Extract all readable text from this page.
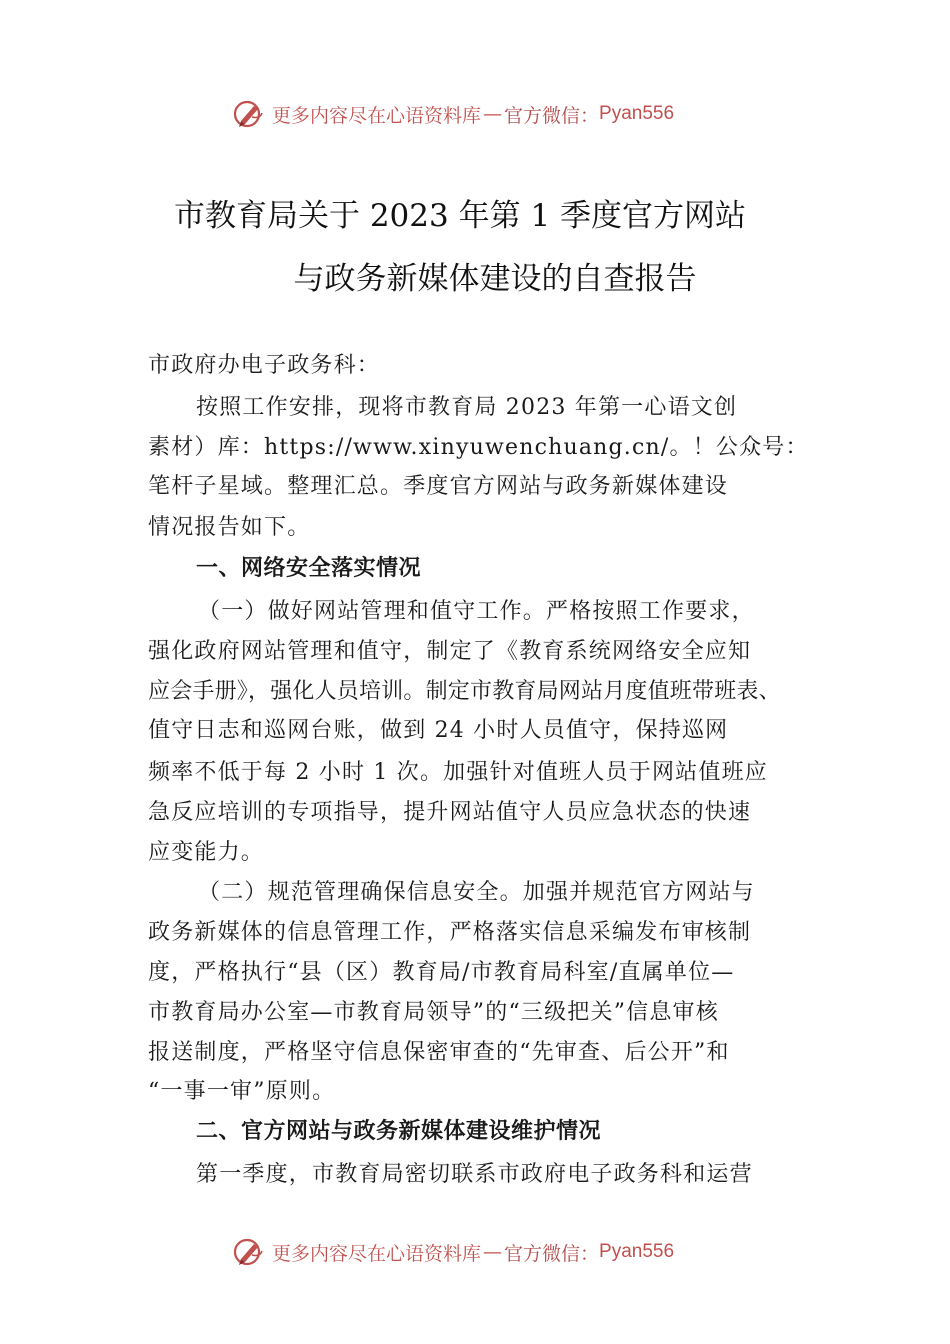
更多内容尽在心语资料库 — 官方微信： Pyan556
市教育局关于 2023 年第 1 季度官方网站
与政务新媒体建设的自查报告
市政府办电子政务科：
按照工作安排，现将市教育局 2023 年第一心语文创
素材）库：https://www.xinyuwenchuang.cn/。！公众号：
笔杆子星域。整理汇总。季度官方网站与政务新媒体建设
情况报告如下。
一、网络安全落实情况
（一）做好网站管理和值守工作。严格按照工作要求，
强化政府网站管理和值守，制定了《教育系统网络安全应知
应会手册》，强化人员培训。制定市教育局网站月度值班带班表、
值守日志和巡网台账，做到 24 小时人员值守，保持巡网
频率不低于每 2 小时 1 次。加强针对值班人员于网站值班应
急反应培训的专项指导，提升网站值守人员应急状态的快速
应变能力。
（二）规范管理确保信息安全。加强并规范官方网站与
政务新媒体的信息管理工作，严格落实信息采编发布审核制
度，严格执行“县（区）教育局/市教育局科室/直属单位—
市教育局办公室—市教育局领导”的“三级把关”信息审核
报送制度，严格坚守信息保密审查的“先审查、后公开”和
“一事一审”原则。
二、官方网站与政务新媒体建设维护情况
第一季度，市教育局密切联系市政府电子政务科和运营
更多内容尽在心语资料库 — 官方微信： Pyan556
